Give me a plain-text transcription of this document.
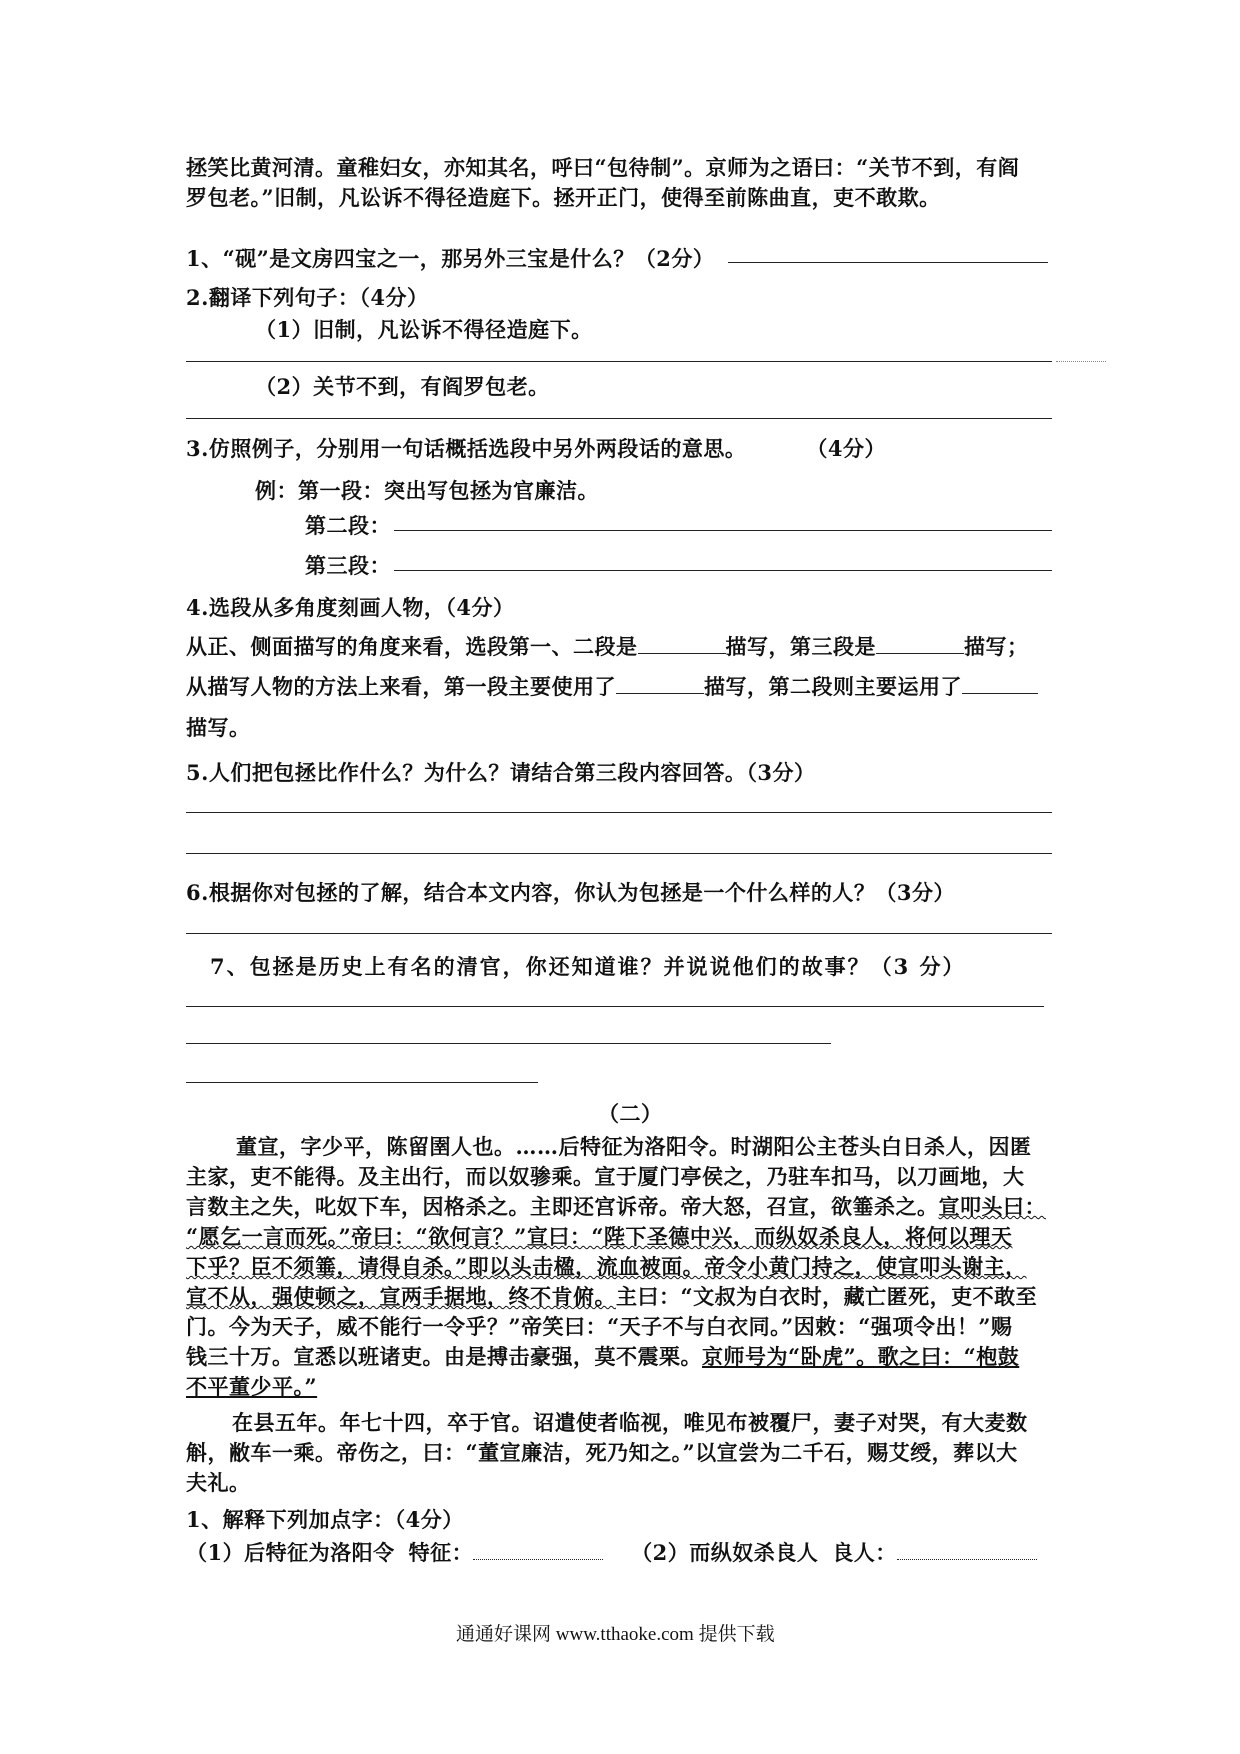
拯笑比黄河清。童稚妇女，亦知其名，呼曰“包待制”。京师为之语曰：“关节不到，有阎
罗包老。”旧制，凡讼诉不得径造庭下。拯开正门，使得至前陈曲直，吏不敢欺。
1、“砚”是文房四宝之一，那另外三宝是什么？（2分）
2.翻译下列句子：（4分）
（1）旧制，凡讼诉不得径造庭下。
（2）关节不到，有阎罗包老。
3.仿照例子，分别用一句话概括选段中另外两段话的意思。	（4分）
例：第一段：突出写包拯为官廉洁。
第二段：
第三段：
4.选段从多角度刻画人物，（4分）
从正、侧面描写的角度来看，选段第一、二段是	描写，第三段是	描写；
从描写人物的方法上来看，第一段主要使用了	描写，第二段则主要运用了
描写。
5.人们把包拯比作什么？为什么？请结合第三段内容回答。（3分）
6.根据你对包拯的了解，结合本文内容，你认为包拯是一个什么样的人？（3分）
7、包拯是历史上有名的清官，你还知道谁？并说说他们的故事？（3 分）
（二）
董宣，字少平，陈留圉人也。……后特征为洛阳令。时湖阳公主苍头白日杀人，因匿
主家，吏不能得。及主出行，而以奴骖乘。宣于厦门亭侯之，乃驻车扣马，以刀画地，大
言数主之失，叱奴下车，因格杀之。主即还宫诉帝。帝大怒，召宣，欲箠杀之。宣叩头曰：
“愿乞一言而死。”帝曰：“欲何言？”宣曰：“陛下圣德中兴，而纵奴杀良人，将何以理天
下乎？臣不须箠，请得自杀。”即以头击楹，流血被面。帝令小黄门持之，使宣叩头谢主，
宣不从，强使顿之，宣两手据地，终不肯俯。主曰：“文叔为白衣时，藏亡匿死，吏不敢至
门。今为天子，威不能行一令乎？”帝笑曰：“天子不与白衣同。”因敕：“强项令出！”赐
钱三十万。宣悉以班诸吏。由是搏击豪强，莫不震栗。京师号为“卧虎”。歌之曰：“枹鼓
不平董少平。”
在县五年。年七十四，卒于官。诏遣使者临视，唯见布被覆尸，妻子对哭，有大麦数
斛，敝车一乘。帝伤之，曰：“董宣廉洁，死乃知之。”以宣尝为二千石，赐艾绶，葬以大
夫礼。
1、解释下列加点字：（4分）
（1）后特征为洛阳令 特征：	（2）而纵奴杀良人 良人：
通通好课网 www.tthaoke.com 提供下载
